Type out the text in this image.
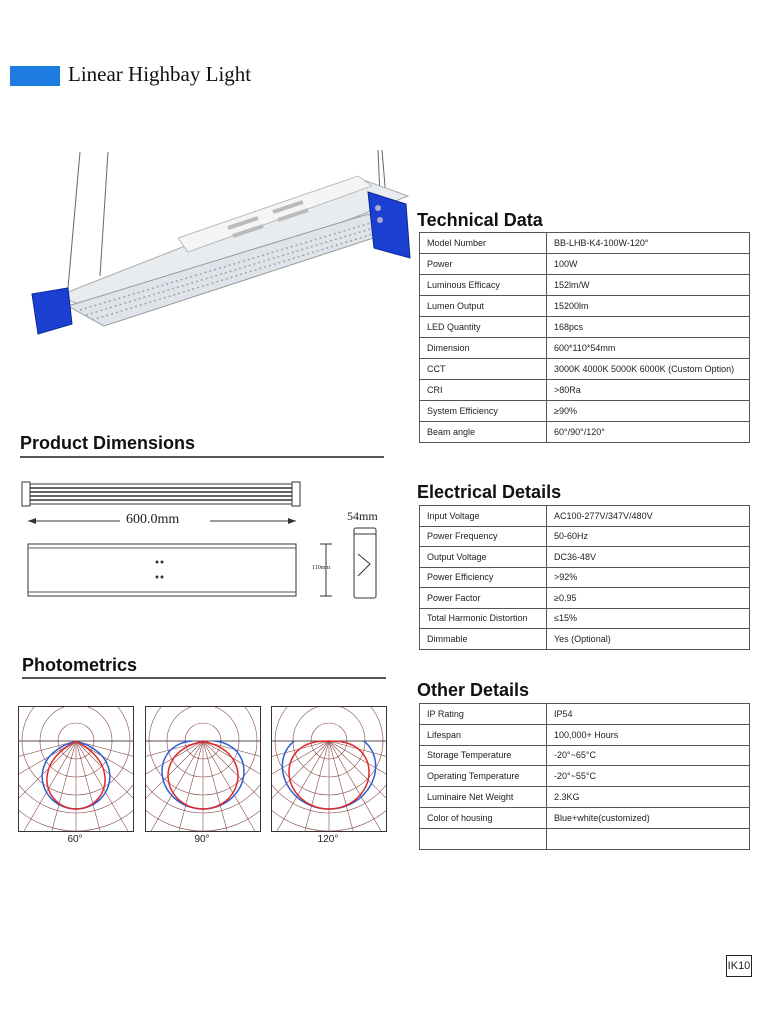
Linear Highbay Light
Technical Data
Model Number	BB-LHB-K4-100W-120°
Power	100W
Luminous Efficacy	152lm/W
Lumen Output	15200lm
LED Quantity	168pcs
Dimension	600*110*54mm
CCT	3000K 4000K 5000K 6000K (Custom Option)
CRI	>80Ra
System Efficiency	≥90%
Beam angle	60°/90°/120°
Product Dimensions
600.0mm	54mm
110mm
Electrical Details
Input Voltage	AC100-277V/347V/480V
Power Frequency	50-60Hz
Output Voltage	DC36-48V
Power Efficiency	>92%
Power Factor	≥0.95
Total Harmonic Distortion	≤15%
Dimmable	Yes (Optional)
Photometrics
60°	90°	120°
Other Details
IP Rating	IP54
Lifespan	100,000+ Hours
Storage Temperature	-20°~65°C
Operating Temperature	-20°~55°C
Luminaire Net Weight	2.3KG
Color of housing	Blue+white(customized)

IK10
